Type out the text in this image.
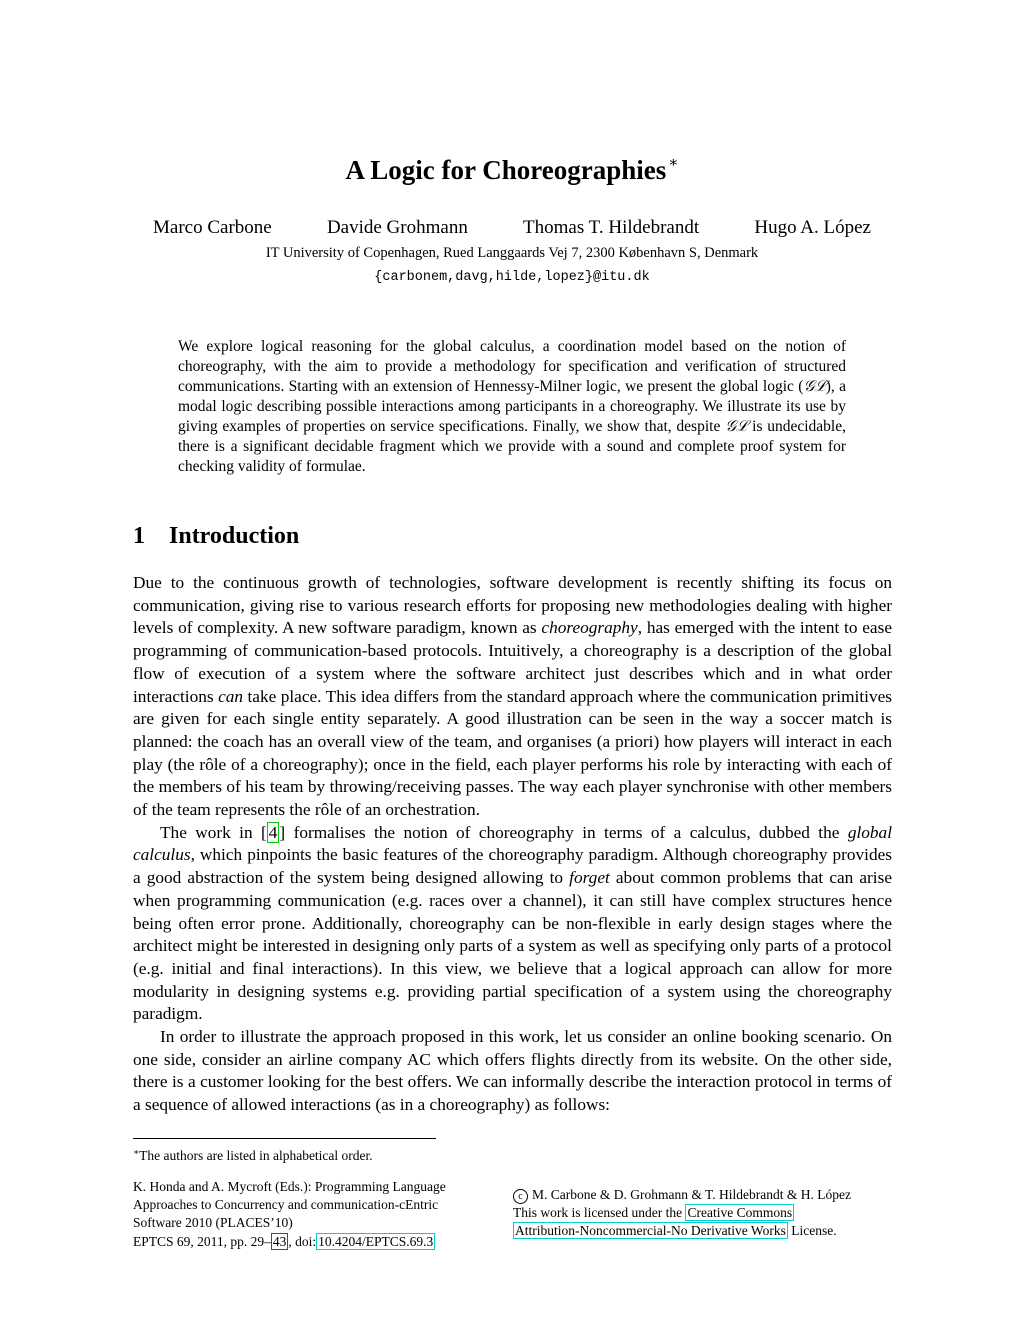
A Logic for Choreographies ∗
Marco Carbone	Davide Grohmann	Thomas T. Hildebrandt	Hugo A. López
IT University of Copenhagen, Rued Langgaards Vej 7, 2300 København S, Denmark
{carbonem,davg,hilde,lopez}@itu.dk

We explore logical reasoning for the global calculus, a coordination model based on the notion of choreography, with the aim to provide a methodology for specification and verification of structured communications. Starting with an extension of Hennessy-Milner logic, we present the global logic (𝒢ℒ), a modal logic describing possible interactions among participants in a choreography. We illustrate its use by giving examples of properties on service specifications. Finally, we show that, despite 𝒢ℒ is undecidable, there is a significant decidable fragment which we provide with a sound and complete proof system for checking validity of formulae.

1 Introduction

Due to the continuous growth of technologies, software development is recently shifting its focus on communication, giving rise to various research efforts for proposing new methodologies dealing with higher levels of complexity. A new software paradigm, known as choreography, has emerged with the intent to ease programming of communication-based protocols. Intuitively, a choreography is a description of the global flow of execution of a system where the software architect just describes which and in what order interactions can take place. This idea differs from the standard approach where the communication primitives are given for each single entity separately. A good illustration can be seen in the way a soccer match is planned: the coach has an overall view of the team, and organises (a priori) how players will interact in each play (the rôle of a choreography); once in the field, each player performs his role by interacting with each of the members of his team by throwing/receiving passes. The way each player synchronise with other members of the team represents the rôle of an orchestration.

The work in [ 4 ] formalises the notion of choreography in terms of a calculus, dubbed the global calculus, which pinpoints the basic features of the choreography paradigm. Although choreography provides a good abstraction of the system being designed allowing to forget about common problems that can arise when programming communication (e.g. races over a channel), it can still have complex structures hence being often error prone. Additionally, choreography can be non-flexible in early design stages where the architect might be interested in designing only parts of a system as well as specifying only parts of a protocol (e.g. initial and final interactions). In this view, we believe that a logical approach can allow for more modularity in designing systems e.g. providing partial specification of a system using the choreography paradigm.

In order to illustrate the approach proposed in this work, let us consider an online booking scenario. On one side, consider an airline company AC which offers flights directly from its website. On the other side, there is a customer looking for the best offers. We can informally describe the interaction protocol in terms of a sequence of allowed interactions (as in a choreography) as follows:

∗The authors are listed in alphabetical order.
K. Honda and A. Mycroft (Eds.): Programming Language
Approaches to Concurrency and communication-cEntric
Software 2010 (PLACES’10)
EPTCS 69, 2011, pp. 29– 43 , doi: 10.4204/EPTCS.69.3
c M. Carbone & D. Grohmann & T. Hildebrandt & H. López
This work is licensed under the Creative Commons
Attribution-Noncommercial-No Derivative Works License.
